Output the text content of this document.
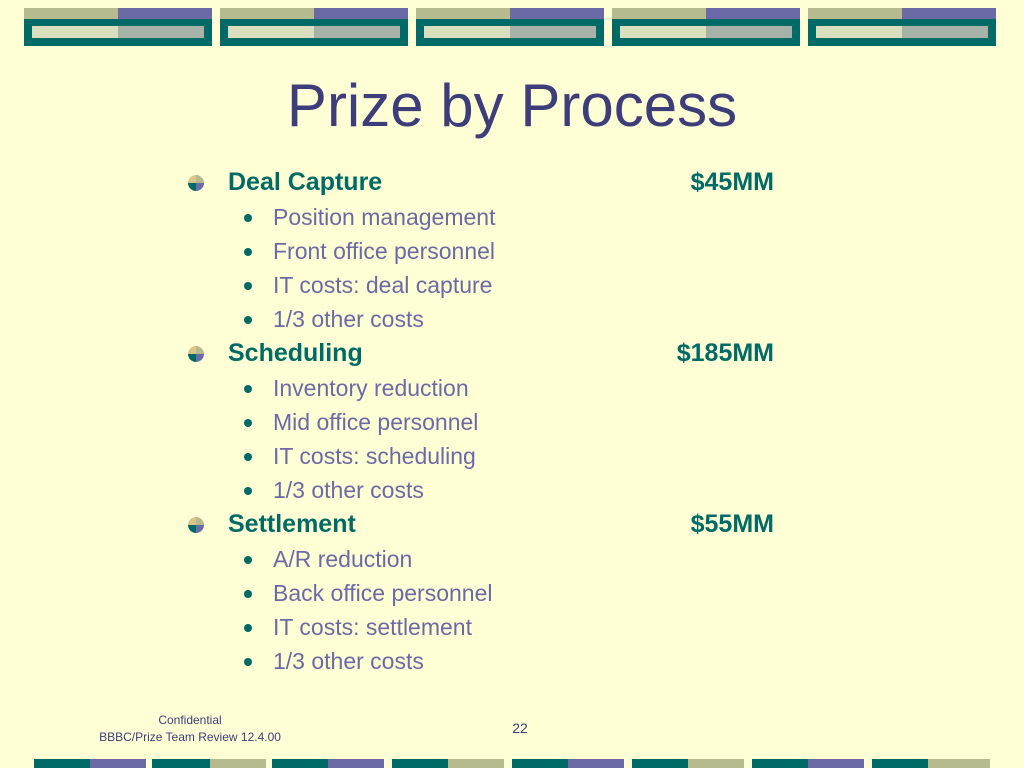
Prize by Process
Deal Capture	$45MM
Position management
Front office personnel
IT costs: deal capture
1/3 other costs
Scheduling	$185MM
Inventory reduction
Mid office personnel
IT costs: scheduling
1/3 other costs
Settlement	$55MM
A/R reduction
Back office personnel
IT costs: settlement
1/3 other costs
Confidential
BBBC/Prize Team Review 12.4.00
22
